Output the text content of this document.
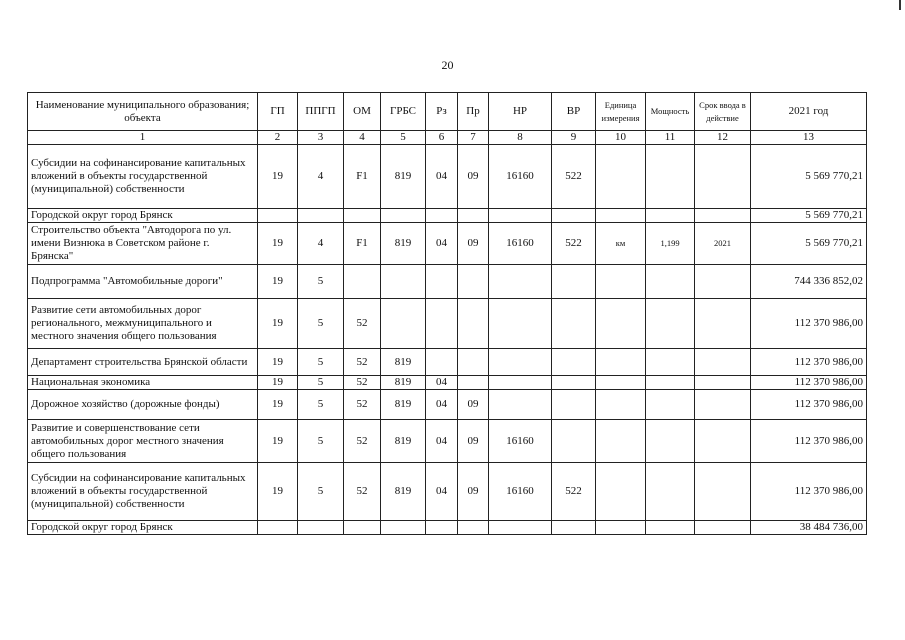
20
Наименование муниципального образования; объекта	ГП	ППГП	ОМ	ГРБС	Рз	Пр	НР	ВР	Единица измерения	Мощность	Срок ввода в действие	2021 год
1	2	3	4	5	6	7	8	9	10	11	12	13
Субсидии на софинансирование капитальных вложений в объекты государственной (муниципальной) собственности	19	4	F1	819	04	09	16160	522				5 569 770,21
Городской округ город Брянск												5 569 770,21
Строительство объекта "Автодорога по ул. имени Визнюка в Советском районе г. Брянска"	19	4	F1	819	04	09	16160	522	км	1,199	2021	5 569 770,21
Подпрограмма "Автомобильные дороги"	19	5										744 336 852,02
Развитие сети автомобильных дорог регионального, межмуниципального и местного значения общего пользования	19	5	52									112 370 986,00
Департамент строительства Брянской области	19	5	52	819								112 370 986,00
Национальная экономика	19	5	52	819	04							112 370 986,00
Дорожное хозяйство (дорожные фонды)	19	5	52	819	04	09						112 370 986,00
Развитие и совершенствование сети автомобильных дорог местного значения общего пользования	19	5	52	819	04	09	16160					112 370 986,00
Субсидии на софинансирование капитальных вложений в объекты государственной (муниципальной) собственности	19	5	52	819	04	09	16160	522				112 370 986,00
Городской округ город Брянск												38 484 736,00
